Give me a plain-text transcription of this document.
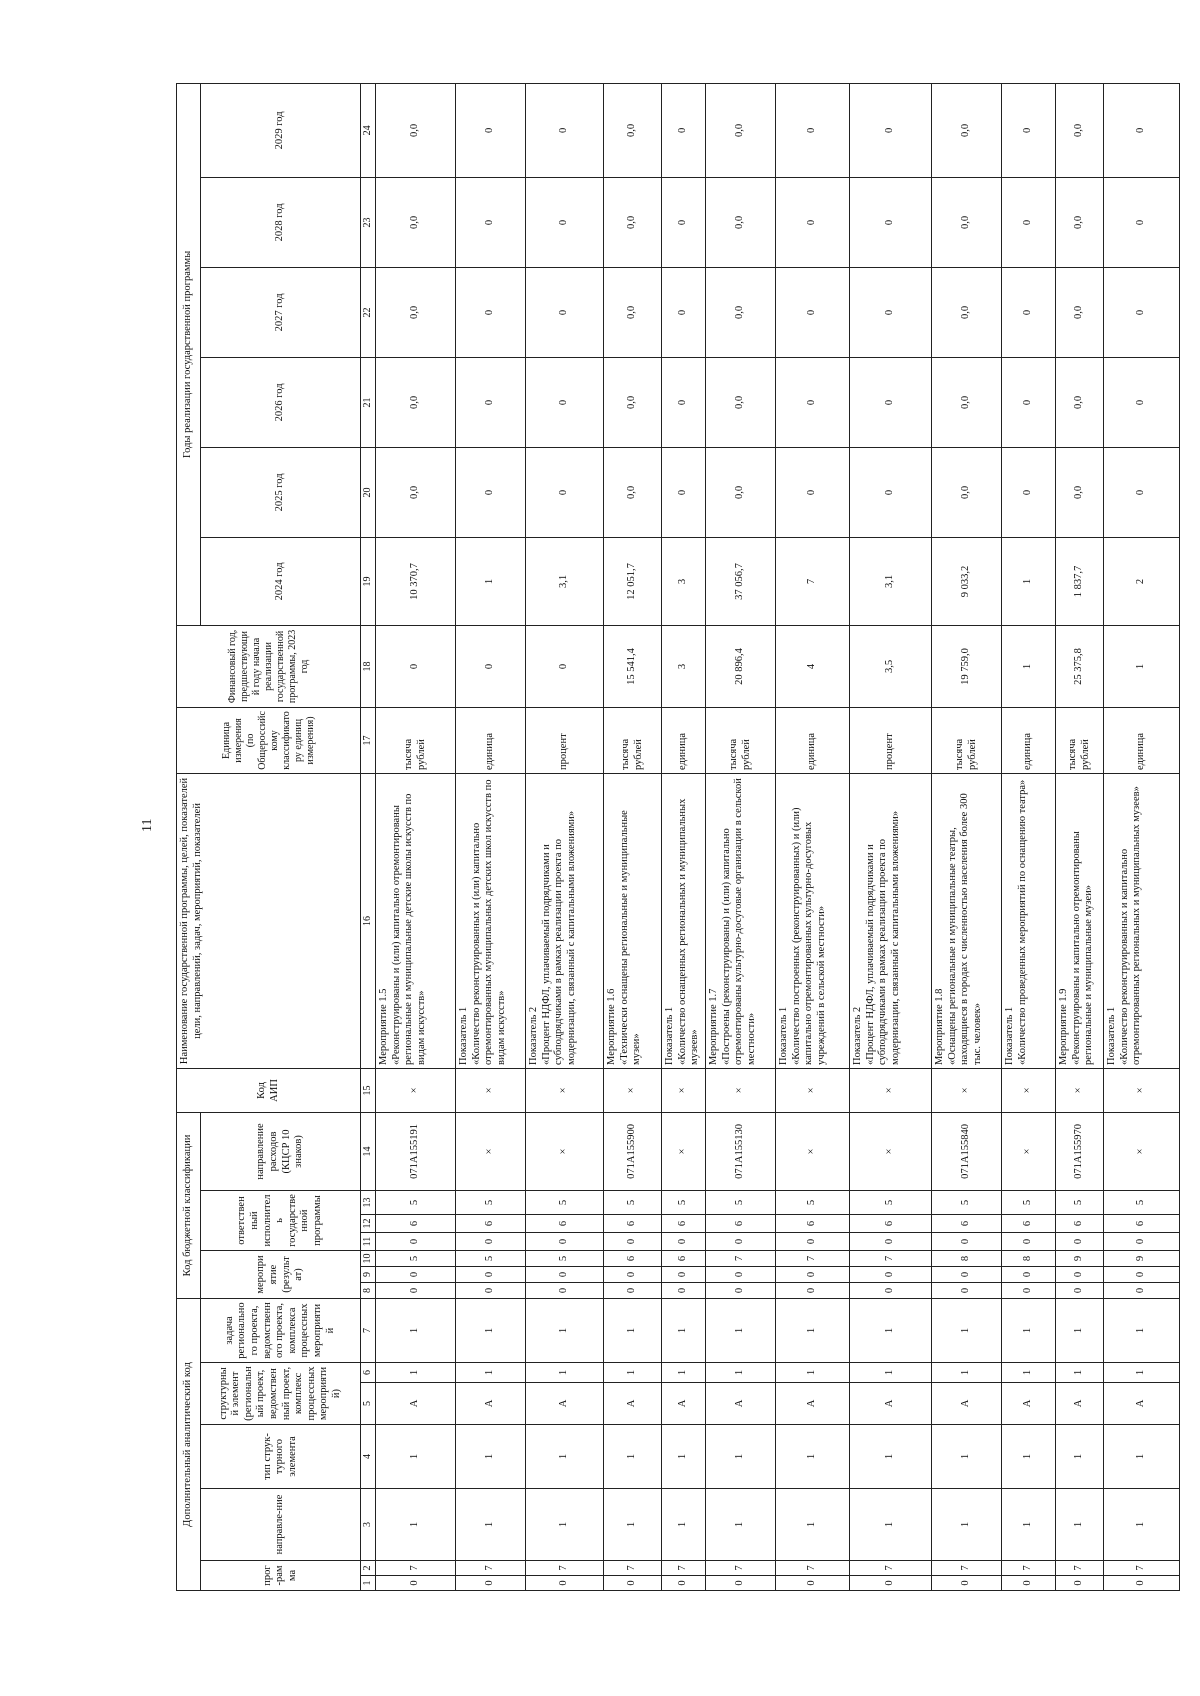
11
Дополнительный аналитический код							Код бюджетной классификации							Код АИП	Наименование государственной программы, целей, показателей цели, направлений, задач, мероприятий, показателей	Единица измерения (по Общероссийскому классификатору единиц измерения)	Финансовый год, предшествующий году начала реализации государственной программы, 2023 год	Годы реализации государственной программы					
прог-рамма		направле-ние	тип струк-турного элемента	структурный элемент (региональный проект, ведомственный проект, комплекс процессных мероприятий)		задача регионального проекта, ведомственного проекта, комплекса процессных мероприятий	мероприятие (результат)			ответственный исполнитель государственной программы			направление расходов (КЦСР 10 знаков)					2024 год	2025 год	2026 год	2027 год	2028 год	2029 год
1	2	3	4	5	6	7	8	9	10	11	12	13	14	15	16	17	18	19	20	21	22	23	24
0	7	1	1	А	1	1	0	0	5	0	6	5	071А155191	×	Мероприятие 1.5 «Реконструированы и (или) капитально отремонтированы региональные и муниципальные детские школы искусств по видам искусств»	тысяча рублей	0	10 370,7	0,0	0,0	0,0	0,0	0,0
0	7	1	1	А	1	1	0	0	5	0	6	5	×	×	Показатель 1 «Количество реконструированных и (или) капитально отремонтированных муниципальных детских школ искусств по видам искусств»	единица	0	1	0	0	0	0	0
0	7	1	1	А	1	1	0	0	5	0	6	5	×	×	Показатель 2 «Процент НДФЛ, уплачиваемый подрядчиками и субподрядчиками в рамках реализации проекта по модернизации, связанный с капитальными вложениями»	процент	0	3,1	0	0	0	0	0
0	7	1	1	А	1	1	0	0	6	0	6	5	071А155900	×	Мероприятие 1.6 «Технически оснащены региональные и муниципальные музеи»	тысяча рублей	15 541,4	12 051,7	0,0	0,0	0,0	0,0	0,0
0	7	1	1	А	1	1	0	0	6	0	6	5	×	×	Показатель 1 «Количество оснащенных региональных и муниципальных музеев»	единица	3	3	0	0	0	0	0
0	7	1	1	А	1	1	0	0	7	0	6	5	071А155130	×	Мероприятие 1.7 «Построены (реконструированы) и (или) капитально отремонтированы культурно-досуговые организации в сельской местности»	тысяча рублей	20 896,4	37 056,7	0,0	0,0	0,0	0,0	0,0
0	7	1	1	А	1	1	0	0	7	0	6	5	×	×	Показатель 1 «Количество построенных (реконструированных) и (или) капитально отремонтированных культурно-досуговых учреждений в сельской местности»	единица	4	7	0	0	0	0	0
0	7	1	1	А	1	1	0	0	7	0	6	5	×	×	Показатель 2 «Процент НДФЛ, уплачиваемый подрядчиками и субподрядчиками в рамках реализации проекта по модернизации, связанный с капитальными вложениями»	процент	3,5	3,1	0	0	0	0	0
0	7	1	1	А	1	1	0	0	8	0	6	5	071А155840	×	Мероприятие 1.8 «Оснащены региональные и муниципальные театры, находящиеся в городах с численностью населения более 300 тыс. человек»	тысяча рублей	19 759,0	9 033,2	0,0	0,0	0,0	0,0	0,0
0	7	1	1	А	1	1	0	0	8	0	6	5	×	×	Показатель 1 «Количество проведенных мероприятий по оснащению театра»	единица	1	1	0	0	0	0	0
0	7	1	1	А	1	1	0	0	9	0	6	5	071А155970	×	Мероприятие 1.9 «Реконструированы и капитально отремонтированы региональные и муниципальные музеи»	тысяча рублей	25 375,8	1 837,7	0,0	0,0	0,0	0,0	0,0
0	7	1	1	А	1	1	0	0	9	0	6	5	×	×	Показатель 1 «Количество реконструированных и капитально отремонтированных региональных и муниципальных музеев»	единица	1	2	0	0	0	0	0
